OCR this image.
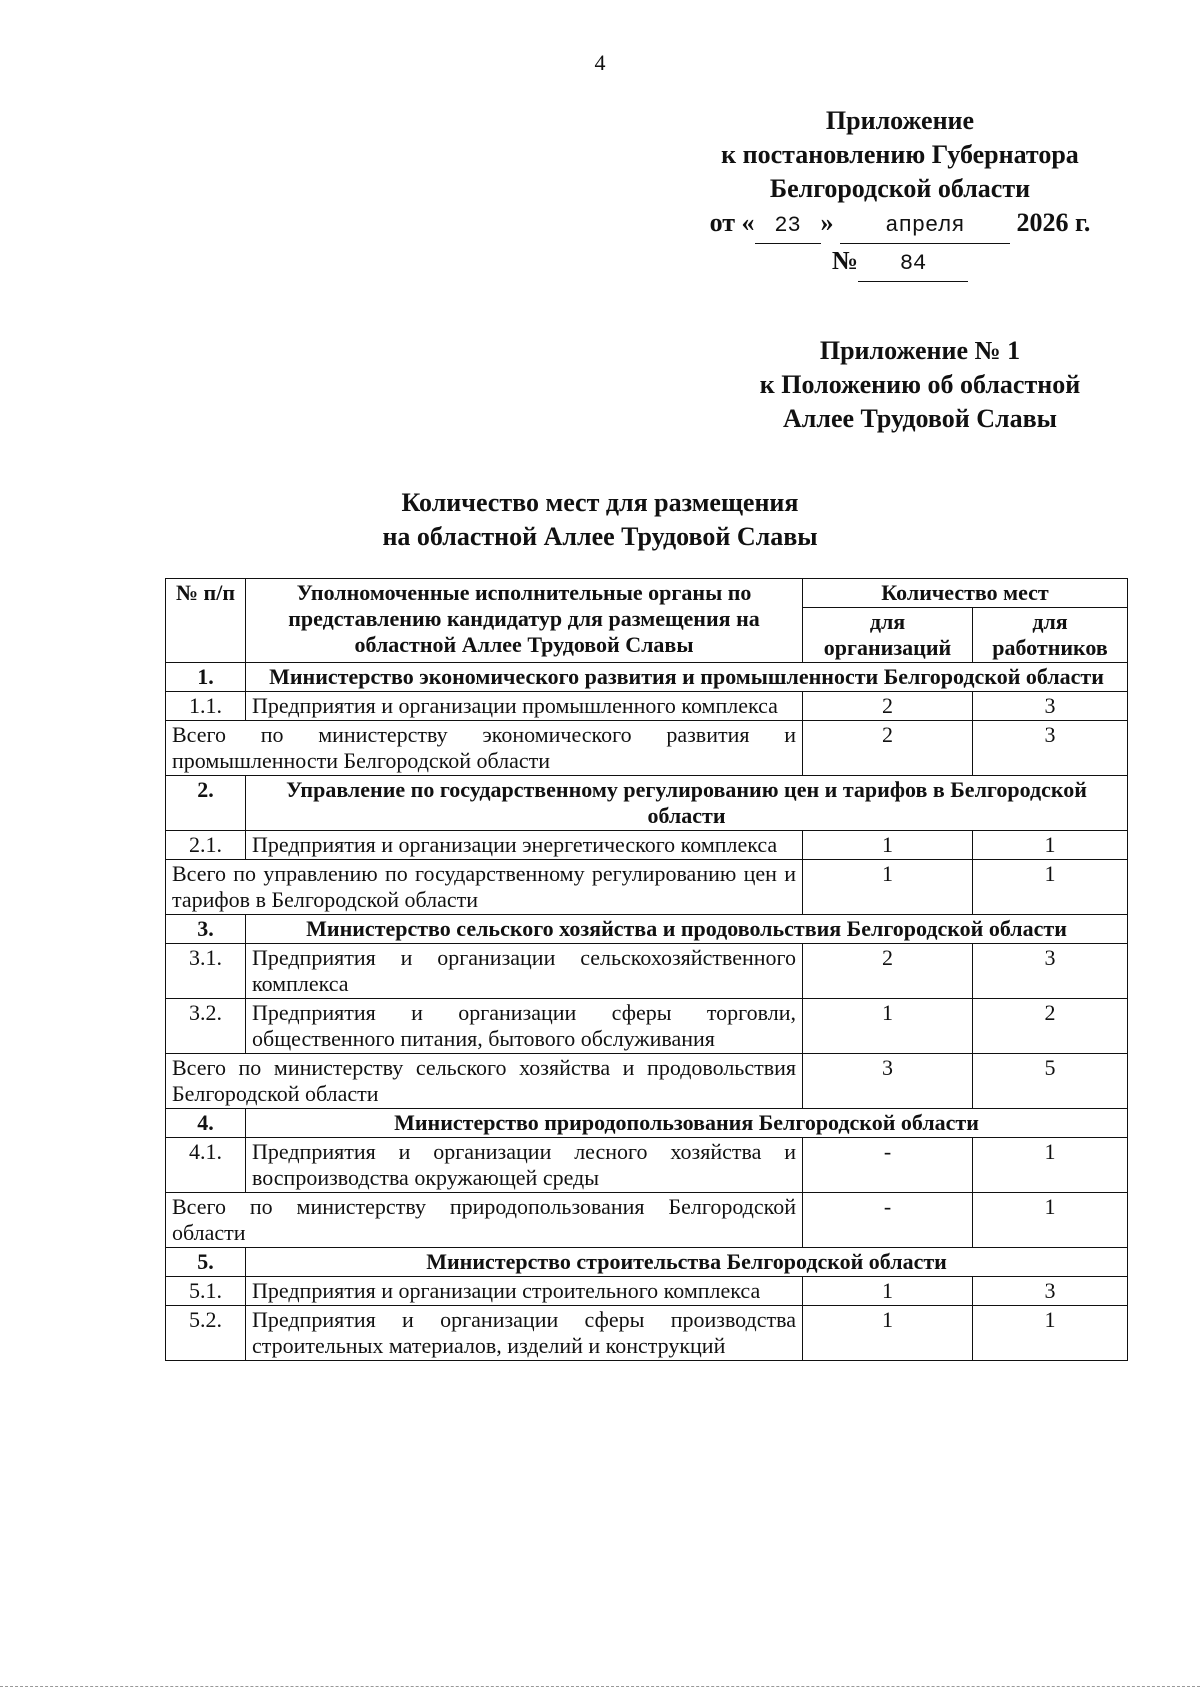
4
Приложение
к постановлению Губернатора
Белгородской области
от « 23 » апреля 2026 г.
№ 84
Приложение № 1
к Положению об областной
Аллее Трудовой Славы
Количество мест для размещения
на областной Аллее Трудовой Славы
№ п/п	Уполномоченные исполнительные органы по представлению кандидатур для размещения на областной Аллее Трудовой Славы	Количество мест	
		для организаций	для работников
1.	Министерство экономического развития и промышленности Белгородской области		
1.1.	Предприятия и организации промышленного комплекса	2	3
Всего по министерству экономического развития и промышленности Белгородской области		2	3
2.	Управление по государственному регулированию цен и тарифов в Белгородской области		
2.1.	Предприятия и организации энергетического комплекса	1	1
Всего по управлению по государственному регулированию цен и тарифов в Белгородской области		1	1
3.	Министерство сельского хозяйства и продовольствия Белгородской области		
3.1.	Предприятия и организации сельскохозяйственного комплекса	2	3
3.2.	Предприятия и организации сферы торговли, общественного питания, бытового обслуживания	1	2
Всего по министерству сельского хозяйства и продовольствия Белгородской области		3	5
4.	Министерство природопользования Белгородской области		
4.1.	Предприятия и организации лесного хозяйства и воспроизводства окружающей среды	-	1
Всего по министерству природопользования Белгородской области		-	1
5.	Министерство строительства Белгородской области		
5.1.	Предприятия и организации строительного комплекса	1	3
5.2.	Предприятия и организации сферы производства строительных материалов, изделий и конструкций	1	1
